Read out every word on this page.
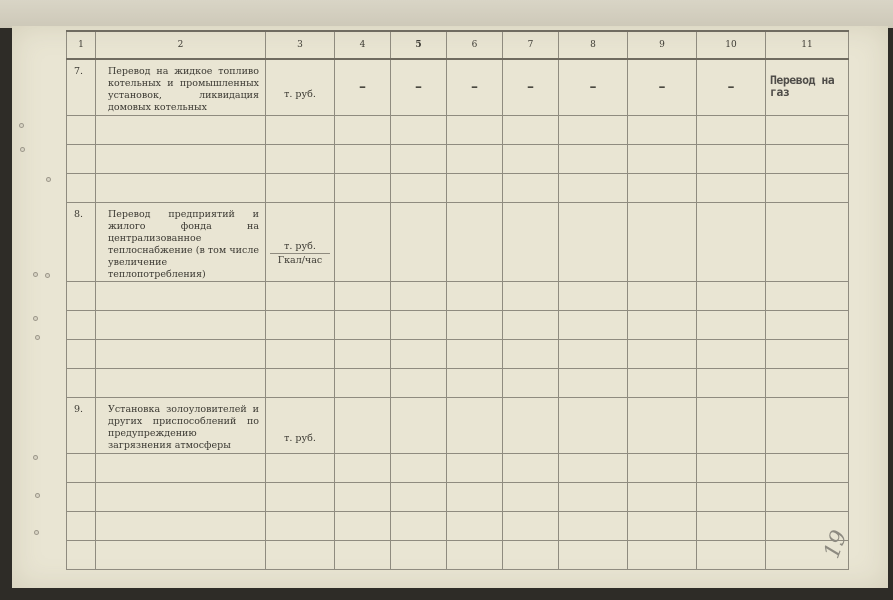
1	2	3	4	5	6	7	8	9	10	11
7.	Перевод на жидкое топливо котельных и промышленных установок, ликвидация домовых котельных	т. руб.	–	–	–	–	–	–	–	Перевод на газ

8.	Перевод предприятий и жилого фонда на централизованное теплоснабжение (в том числе увеличение теплопотребления)	т. руб.
Гкал/час								

9.	Установка золоуловителей и других приспособлений по предупреждению загрязнения атмосферы	т. руб.								

19
